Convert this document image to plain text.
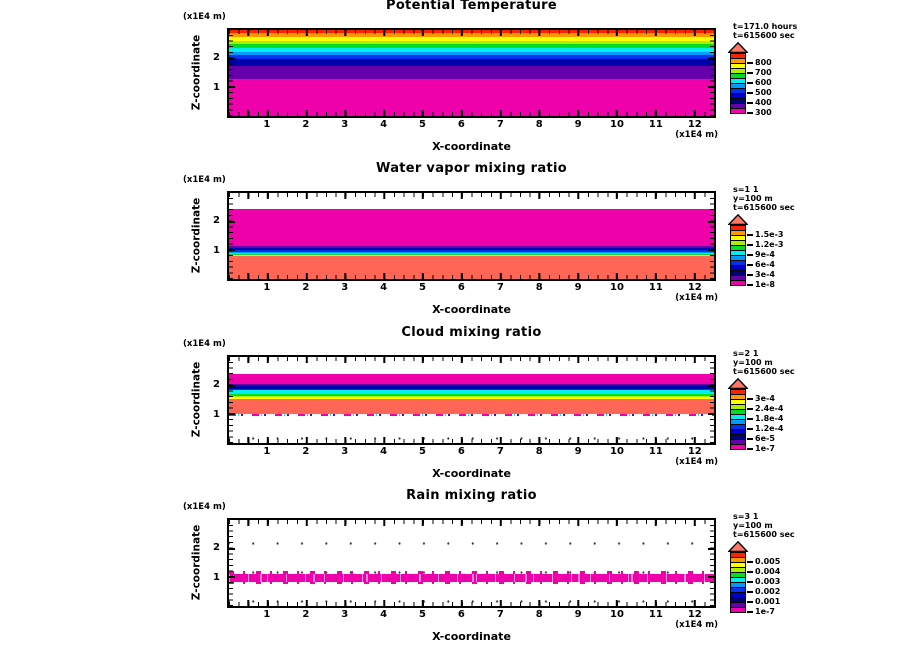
Potential Temperature
(x1E4 m)
Z-coordinate	2
1
1	2	3	4	5	6	7	8	9	10 11 12
(x1E4 m)
X-coordinate
t=171.0 hours
t=615600 sec
800
700
600
500
400
300
Water vapor mixing ratio
(x1E4 m)
Z-coordinate	2
1
1	2	3	4	5	6	7	8	9	10 11 12
(x1E4 m)
X-coordinate
s=1 1
y=100 m
t=615600 sec
1.5e-3
1.2e-3
9e-4
6e-4
3e-4
1e-8
Cloud mixing ratio
(x1E4 m)
Z-coordinate	2
1
1	2	3	4	5	6	7	8	9	10 11 12
(x1E4 m)
X-coordinate
s=2 1
y=100 m
t=615600 sec
3e-4
2.4e-4
1.8e-4
1.2e-4
6e-5
1e-7
Rain mixing ratio
(x1E4 m)
Z-coordinate	2
1
1	2	3	4	5	6	7	8	9	10 11 12
(x1E4 m)
X-coordinate
s=3 1
y=100 m
t=615600 sec
0.005
0.004
0.003
0.002
0.001
1e-7
